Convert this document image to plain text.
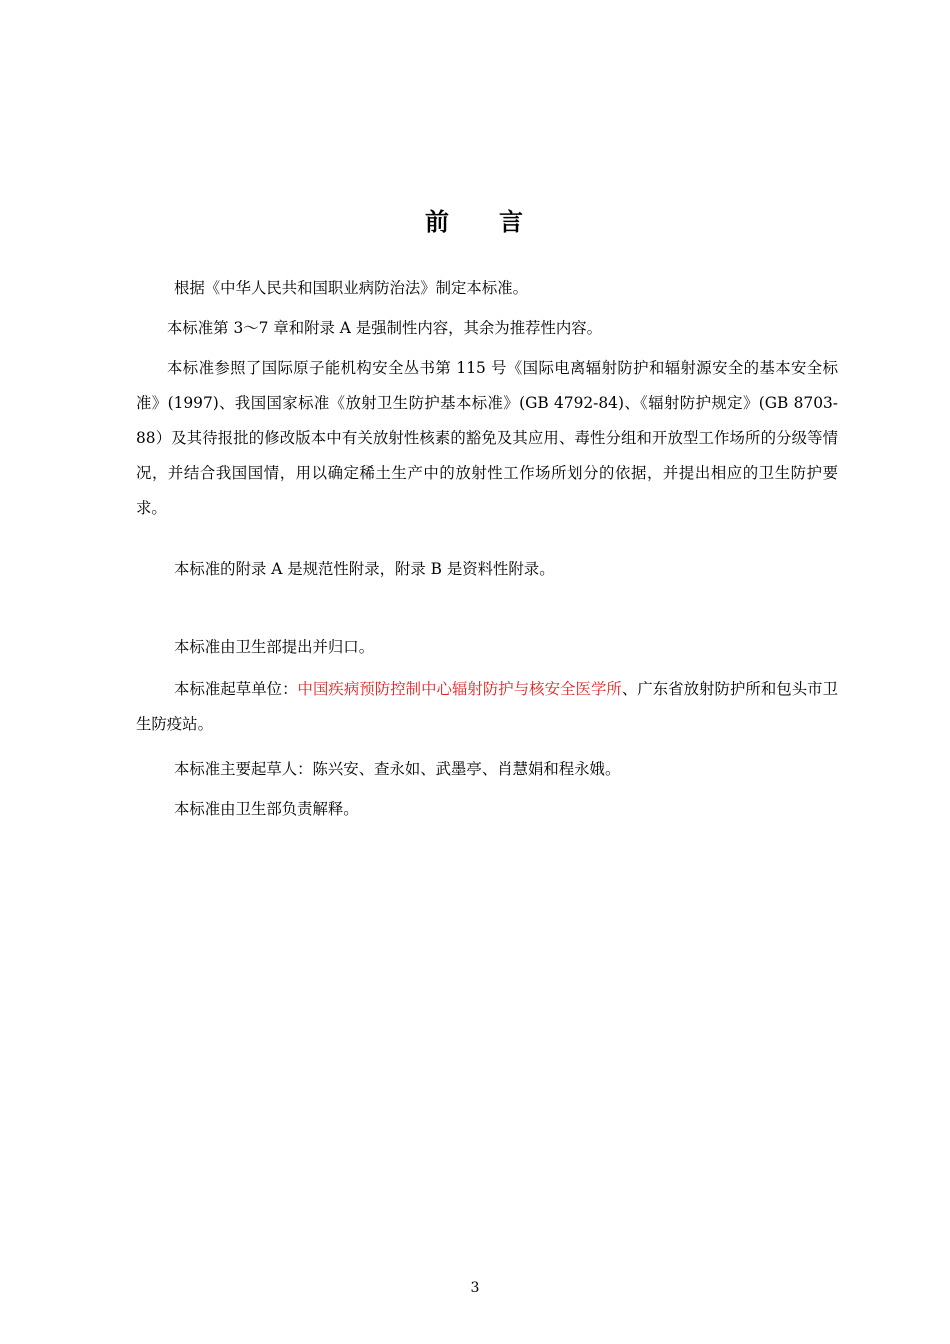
前 言
根据《中华人民共和国职业病防治法》制定本标准。
本标准第 3～7 章和附录 A 是强制性内容，其余为推荐性内容。
本标准参照了国际原子能机构安全丛书第 115 号《国际电离辐射防护和辐射源安全的基本安全标准》(1997)、我国国家标准《放射卫生防护基本标准》(GB 4792-84)、《辐射防护规定》(GB 8703-88）及其待报批的修改版本中有关放射性核素的豁免及其应用、毒性分组和开放型工作场所的分级等情况，并结合我国国情，用以确定稀土生产中的放射性工作场所划分的依据，并提出相应的卫生防护要求。
本标准的附录 A 是规范性附录，附录 B 是资料性附录。
本标准由卫生部提出并归口。
本标准起草单位：中国疾病预防控制中心辐射防护与核安全医学所、广东省放射防护所和包头市卫生防疫站。
本标准主要起草人：陈兴安、查永如、武墨亭、肖慧娟和程永娥。
本标准由卫生部负责解释。
3
